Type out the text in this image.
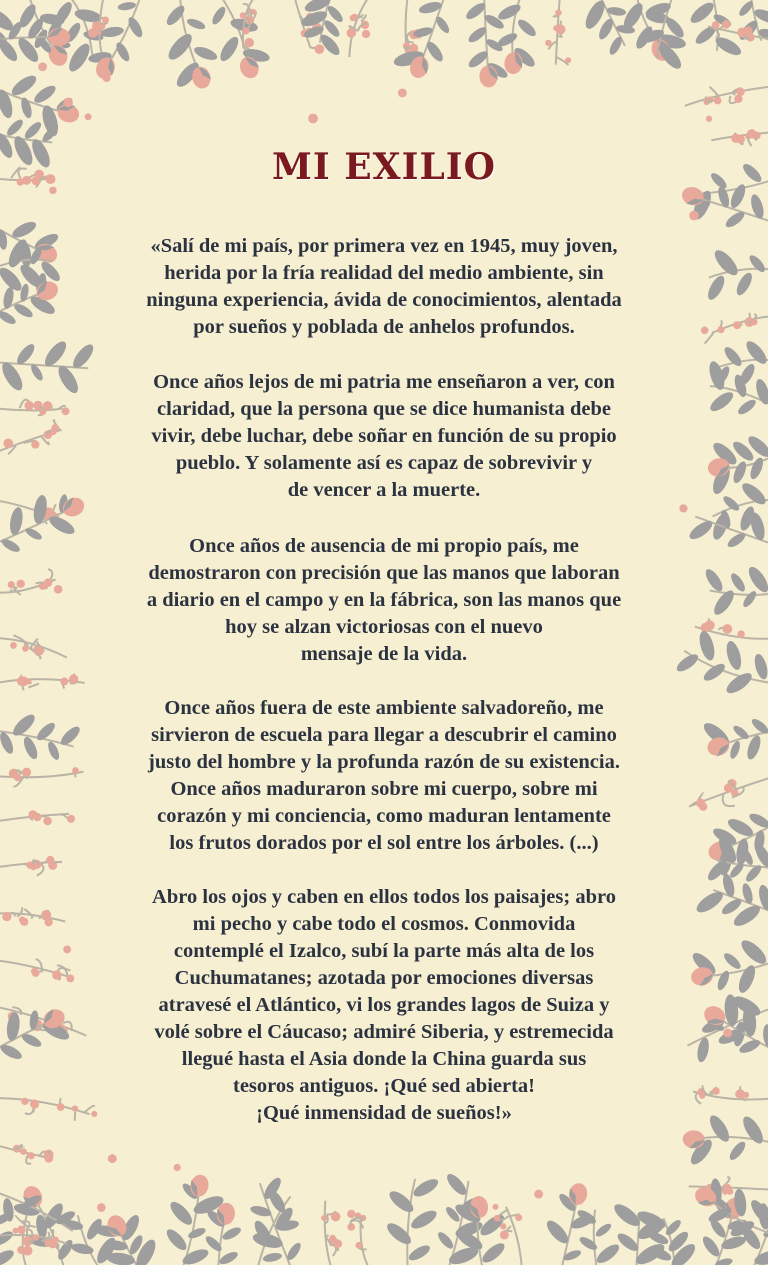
MI EXILIO

«Salí de mi país, por primera vez en 1945, muy joven,
herida por la fría realidad del medio ambiente, sin
ninguna experiencia, ávida de conocimientos, alentada
por sueños y poblada de anhelos profundos.

Once años lejos de mi patria me enseñaron a ver, con
claridad, que la persona que se dice humanista debe
vivir, debe luchar, debe soñar en función de su propio
pueblo. Y solamente así es capaz de sobrevivir y
de vencer a la muerte.

Once años de ausencia de mi propio país, me
demostraron con precisión que las manos que laboran
a diario en el campo y en la fábrica, son las manos que
hoy se alzan victoriosas con el nuevo
mensaje de la vida.

Once años fuera de este ambiente salvadoreño, me
sirvieron de escuela para llegar a descubrir el camino
justo del hombre y la profunda razón de su existencia.
Once años maduraron sobre mi cuerpo, sobre mi
corazón y mi conciencia, como maduran lentamente
los frutos dorados por el sol entre los árboles. (...)

Abro los ojos y caben en ellos todos los paisajes; abro
mi pecho y cabe todo el cosmos. Conmovida
contemplé el Izalco, subí la parte más alta de los
Cuchumatanes; azotada por emociones diversas
atravesé el Atlántico, vi los grandes lagos de Suiza y
volé sobre el Cáucaso; admiré Siberia, y estremecida
llegué hasta el Asia donde la China guarda sus
tesoros antiguos. ¡Qué sed abierta!
¡Qué inmensidad de sueños!»
